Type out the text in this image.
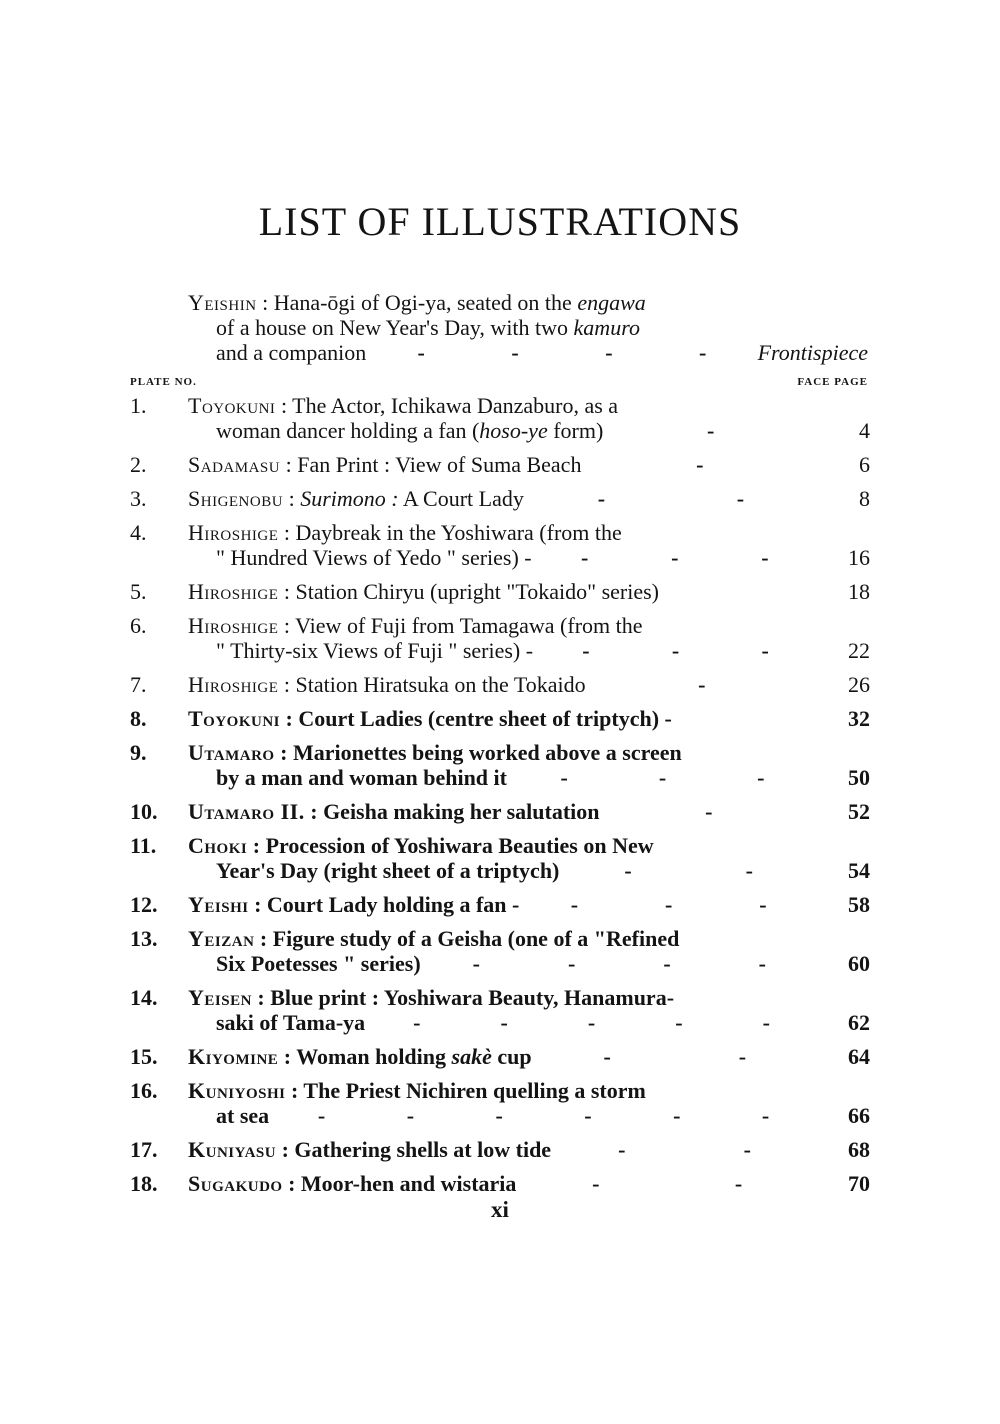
LIST OF ILLUSTRATIONS
Yeishin : Hana-ōgi of Ogi-ya, seated on the engawa
of a house on New Year's Day, with two kamuro
and a companion -	-	-	- Frontispiece
PLATE NO.	FACE PAGE
1.	Toyokuni : The Actor, Ichikawa Danzaburo, as a
woman dancer holding a fan (hoso-ye form)	-	4
2.	Sadamasu : Fan Print : View of Suma Beach	-	6
3.	Shigenobu : Surimono : A Court Lady	-	-	8
4.	Hiroshige : Daybreak in the Yoshiwara (from the
" Hundred Views of Yedo " series) - -	-	-	16
5.	Hiroshige : Station Chiryu (upright "Tokaido" series)	18
6.	Hiroshige : View of Fuji from Tamagawa (from the
" Thirty-six Views of Fuji " series) - -	-	-	22
7.	Hiroshige : Station Hiratsuka on the Tokaido	-	26
8.	Toyokuni : Court Ladies (centre sheet of triptych) -	32
9.	Utamaro : Marionettes being worked above a screen
by a man and woman behind it -	-	-	50
10.	Utamaro II. : Geisha making her salutation	-	52
11.	Choki : Procession of Yoshiwara Beauties on New
Year's Day (right sheet of a triptych)	-	-	54
12.	Yeishi : Court Lady holding a fan - -	-	-	58
13.	Yeizan : Figure study of a Geisha (one of a "Refined
Six Poetesses " series) -	-	-	-	60
14.	Yeisen : Blue print : Yoshiwara Beauty, Hanamura-
saki of Tama-ya -	-	-	-	-	62
15.	Kiyomine : Woman holding sakè cup	-	-	64
16.	Kuniyoshi : The Priest Nichiren quelling a storm
at sea -	-	-	-	-	-	66
17.	Kuniyasu : Gathering shells at low tide	-	-	68
18.	Sugakudo : Moor-hen and wistaria	-	-	70
xi
